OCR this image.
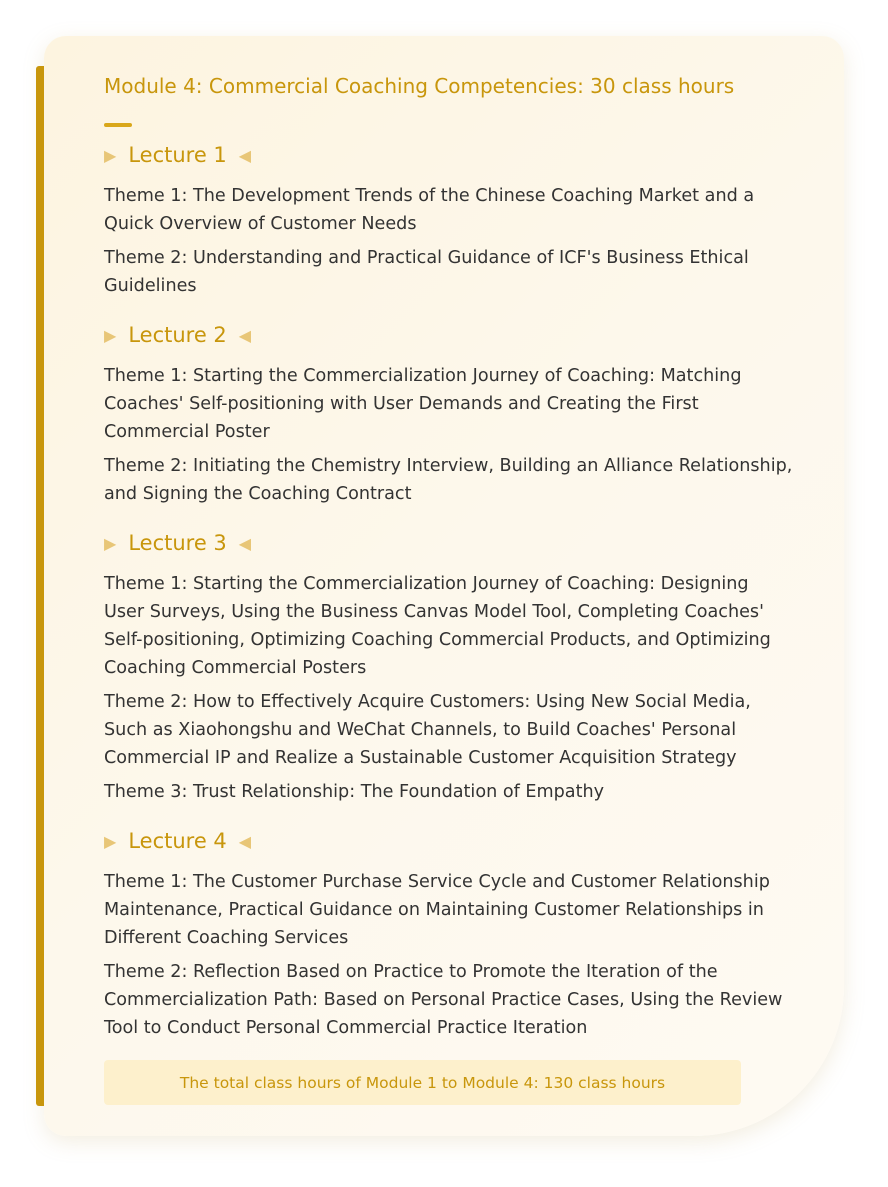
Module 4: Commercial Coaching Competencies: 30 class hours
▶ Lecture 1 ◀

Theme 1: The Development Trends of the Chinese Coaching Market and a Quick Overview of Customer Needs

Theme 2: Understanding and Practical Guidance of ICF's Business Ethical Guidelines

▶ Lecture 2 ◀

Theme 1: Starting the Commercialization Journey of Coaching: Matching Coaches' Self-positioning with User Demands and Creating the First Commercial Poster

Theme 2: Initiating the Chemistry Interview, Building an Alliance Relationship, and Signing the Coaching Contract

▶ Lecture 3 ◀

Theme 1: Starting the Commercialization Journey of Coaching: Designing User Surveys, Using the Business Canvas Model Tool, Completing Coaches' Self-positioning, Optimizing Coaching Commercial Products, and Optimizing Coaching Commercial Posters

Theme 2: How to Effectively Acquire Customers: Using New Social Media, Such as Xiaohongshu and WeChat Channels, to Build Coaches' Personal Commercial IP and Realize a Sustainable Customer Acquisition Strategy

Theme 3: Trust Relationship: The Foundation of Empathy

▶ Lecture 4 ◀

Theme 1: The Customer Purchase Service Cycle and Customer Relationship Maintenance, Practical Guidance on Maintaining Customer Relationships in Different Coaching Services

Theme 2: Reflection Based on Practice to Promote the Iteration of the Commercialization Path: Based on Personal Practice Cases, Using the Review Tool to Conduct Personal Commercial Practice Iteration

The total class hours of Module 1 to Module 4: 130 class hours
